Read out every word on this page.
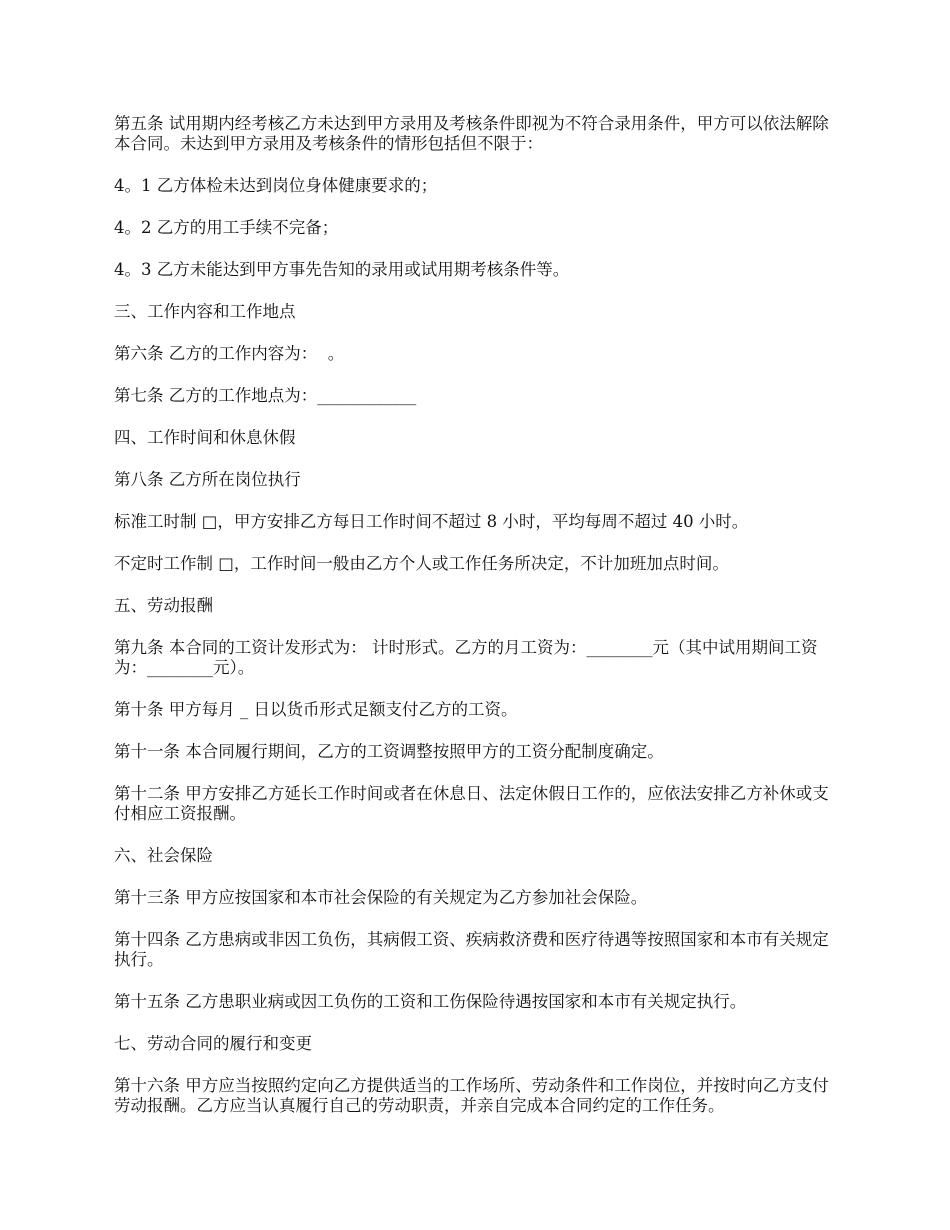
第五条 试用期内经考核乙方未达到甲方录用及考核条件即视为不符合录用条件，甲方可以依法解除本合同。未达到甲方录用及考核条件的情形包括但不限于：

4。1 乙方体检未达到岗位身体健康要求的；

4。2 乙方的用工手续不完备；

4。3 乙方未能达到甲方事先告知的录用或试用期考核条件等。

三、工作内容和工作地点

第六条 乙方的工作内容为：  。

第七条 乙方的工作地点为：____________

四、工作时间和休息休假

第八条 乙方所在岗位执行

标准工时制 □，甲方安排乙方每日工作时间不超过 8 小时，平均每周不超过 40 小时。

不定时工作制 □，工作时间一般由乙方个人或工作任务所决定，不计加班加点时间。

五、劳动报酬

第九条 本合同的工资计发形式为： 计时形式。乙方的月工资为：________元（其中试用期间工资为：________元）。

第十条 甲方每月 _ 日以货币形式足额支付乙方的工资。

第十一条 本合同履行期间，乙方的工资调整按照甲方的工资分配制度确定。

第十二条 甲方安排乙方延长工作时间或者在休息日、法定休假日工作的，应依法安排乙方补休或支付相应工资报酬。

六、社会保险

第十三条 甲方应按国家和本市社会保险的有关规定为乙方参加社会保险。

第十四条 乙方患病或非因工负伤，其病假工资、疾病救济费和医疗待遇等按照国家和本市有关规定执行。

第十五条 乙方患职业病或因工负伤的工资和工伤保险待遇按国家和本市有关规定执行。

七、劳动合同的履行和变更

第十六条 甲方应当按照约定向乙方提供适当的工作场所、劳动条件和工作岗位，并按时向乙方支付劳动报酬。乙方应当认真履行自己的劳动职责，并亲自完成本合同约定的工作任务。
